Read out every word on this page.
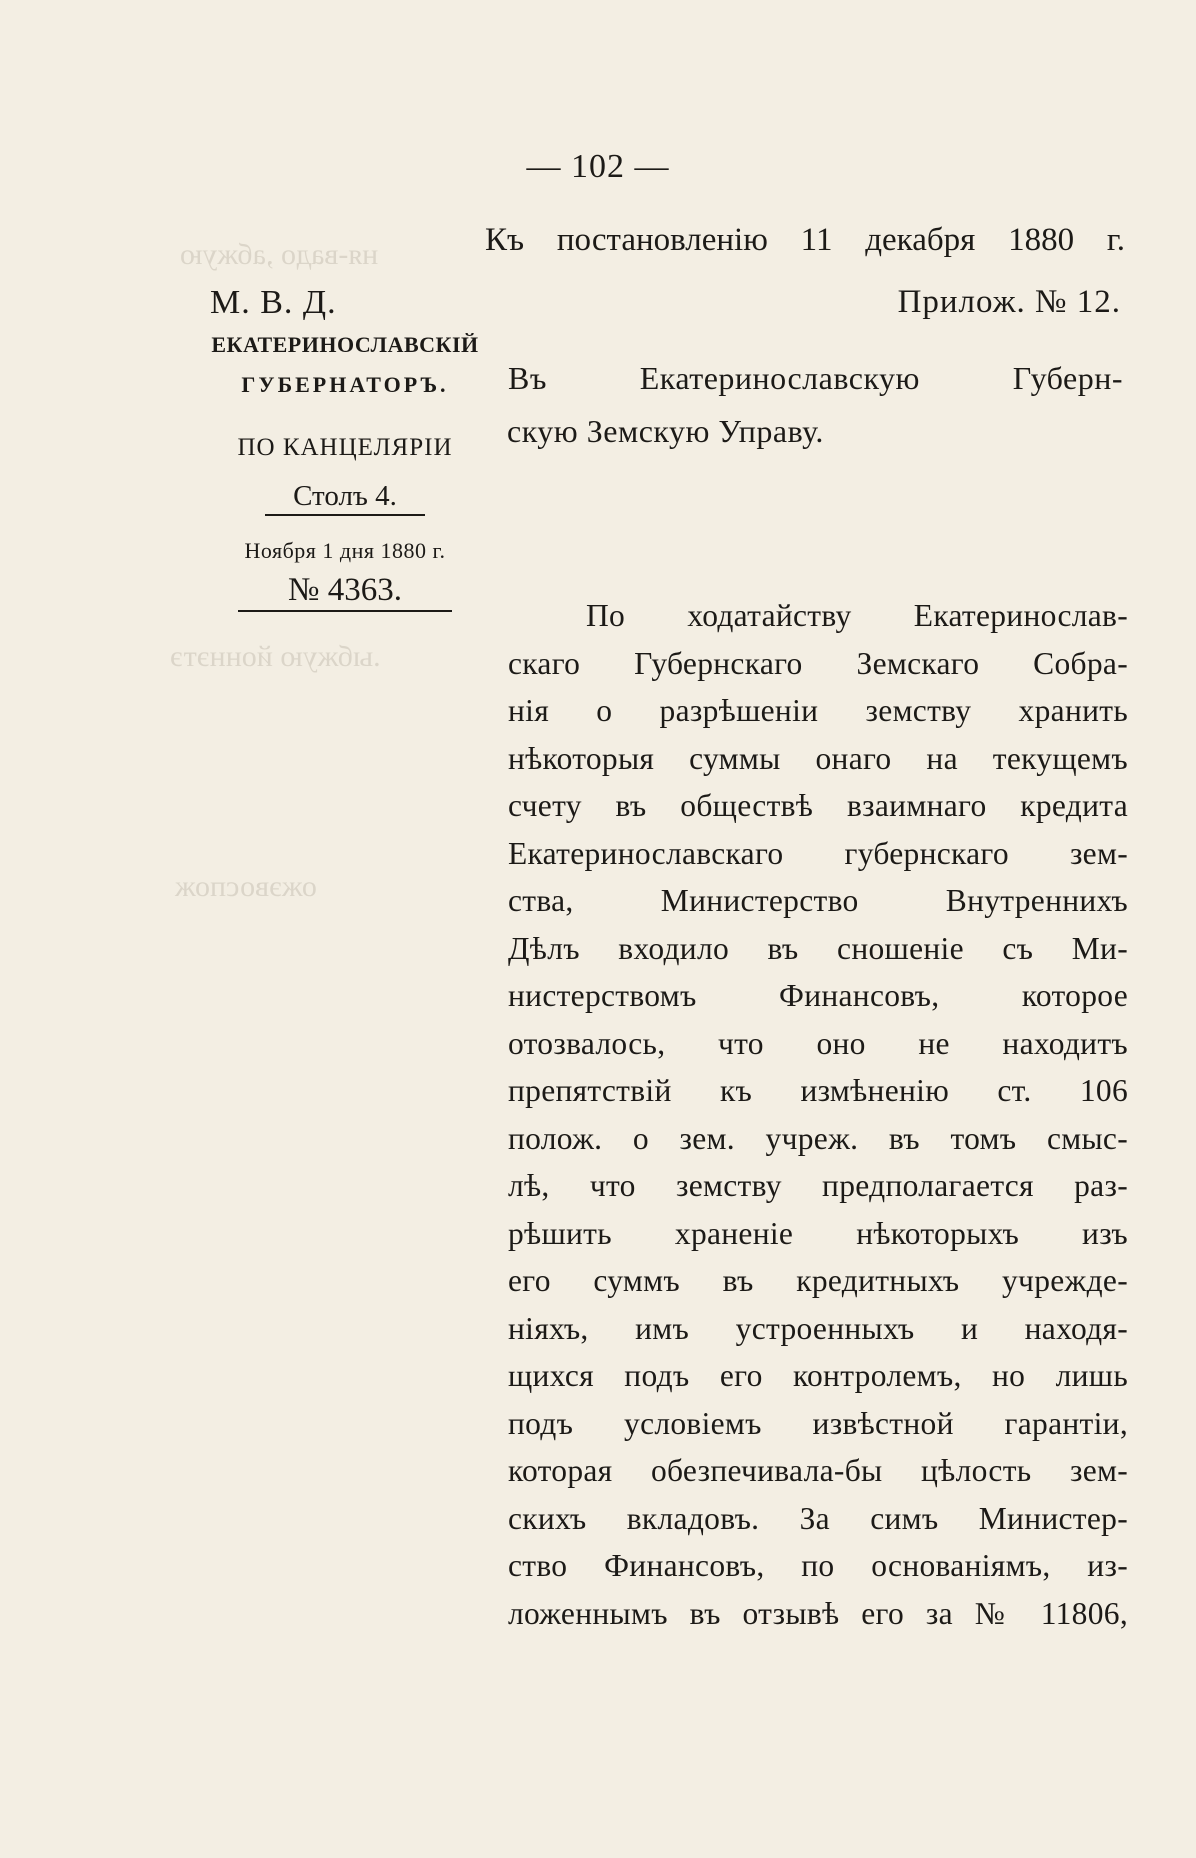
ня-вадо ,абжую
.ыбжую йоннэтэ
ожэвоспож
— 102 —
Къ постановленію 11 декабря 1880 г.
М. В. Д.	Прилож. № 12.
ЕКАТЕРИНОСЛАВСКІЙ
ГУБЕРНАТОРЪ.
ПО КАНЦЕЛЯРІИ
Столъ 4.
Ноября 1 дня 1880 г.
№ 4363.

Въ Екатеринославскую Губерн-

скую Земскую Управу.

По ходатайству Екатеринослав-
скаго Губернскаго Земскаго Собра-
нія о разрѣшеніи земству хранить
нѣкоторыя суммы онаго на текущемъ
счету въ обществѣ взаимнаго кредита
Екатеринославскаго губернскаго зем-
ства, Министерство Внутреннихъ
Дѣлъ входило въ сношеніе съ Ми-
нистерствомъ Финансовъ, которое
отозвалось, что оно не находитъ
препятствій къ измѣненію ст. 106
полож. о зем. учреж. въ томъ смыс-
лѣ, что земству предполагается раз-
рѣшить храненіе нѣкоторыхъ изъ
его суммъ въ кредитныхъ учрежде-
ніяхъ, имъ устроенныхъ и находя-
щихся подъ его контролемъ, но лишь
подъ условіемъ извѣстной гарантіи,
которая обезпечивала-бы цѣлость зем-
скихъ вкладовъ. За симъ Министер-
ство Финансовъ, по основаніямъ, из-
ложеннымъ въ отзывѣ его за № 11806,
